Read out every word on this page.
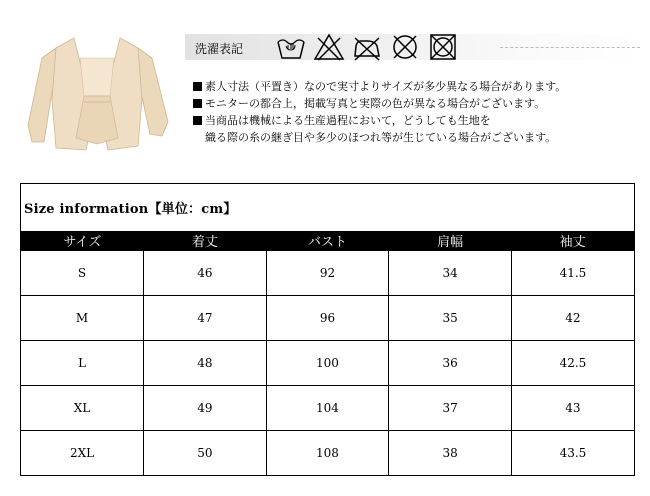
洗濯表記
素人寸法（平置き）なので実寸よりサイズが多少異なる場合があります。
モニターの都合上，掲載写真と実際の色が異なる場合がございます。
当商品は機械による生産過程において，どうしても生地を
織る際の糸の継ぎ目や多少のほつれ等が生じている場合がございます。
Size information【単位：cm】
サイズ	着丈	バスト	肩幅	袖丈
S	46	92	34	41.5
M	47	96	35	42
L	48	100	36	42.5
XL	49	104	37	43
2XL	50	108	38	43.5
